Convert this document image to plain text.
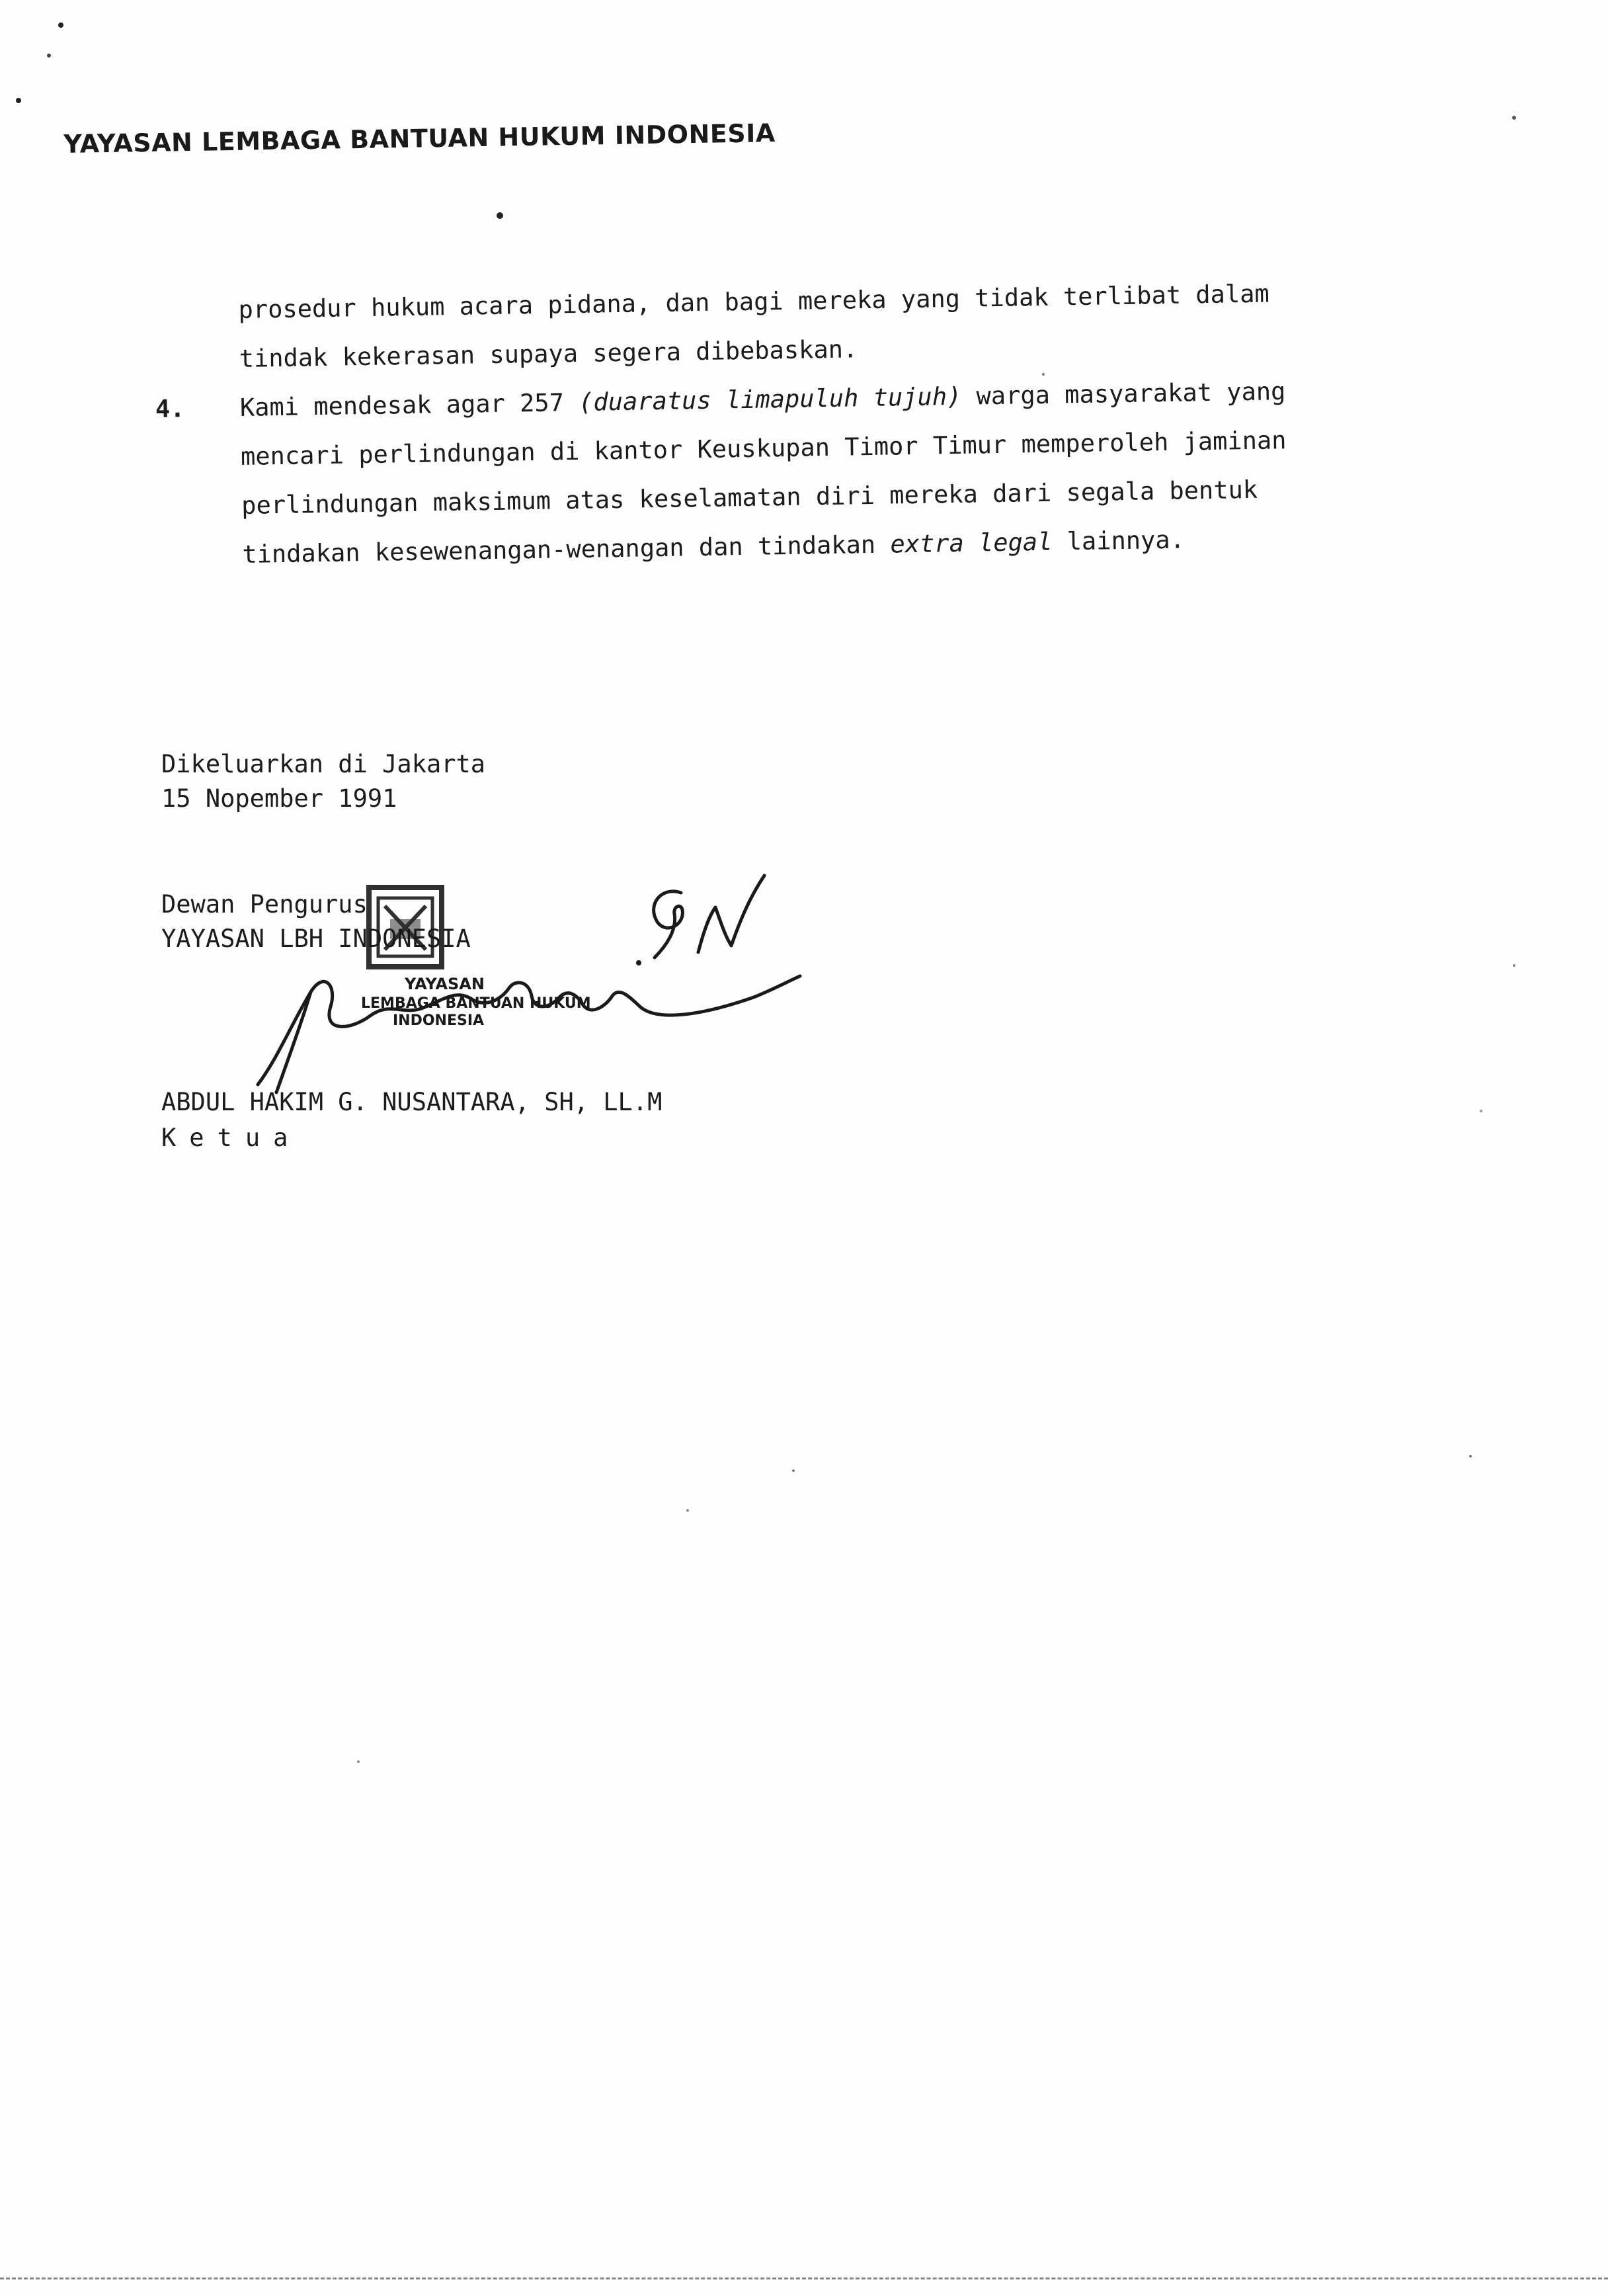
YAYASAN LEMBAGA BANTUAN HUKUM INDONESIA
prosedur hukum acara pidana, dan bagi mereka yang tidak terlibat dalam
tindak kekerasan supaya segera dibebaskan.
4. Kami mendesak agar 257 (duaratus limapuluh tujuh) warga masyarakat yang
mencari perlindungan di kantor Keuskupan Timor Timur memperoleh jaminan
perlindungan maksimum atas keselamatan diri mereka dari segala bentuk
tindakan kesewenangan-wenangan dan tindakan extra legal lainnya.
Dikeluarkan di Jakarta
15 Nopember 1991
Dewan Pengurus
YAYASAN LBH INDONESIA
YAYASAN
LEMBAGA BANTUAN HUKUM
INDONESIA
ABDUL HAKIM G. NUSANTARA, SH, LL.M
Ketua
